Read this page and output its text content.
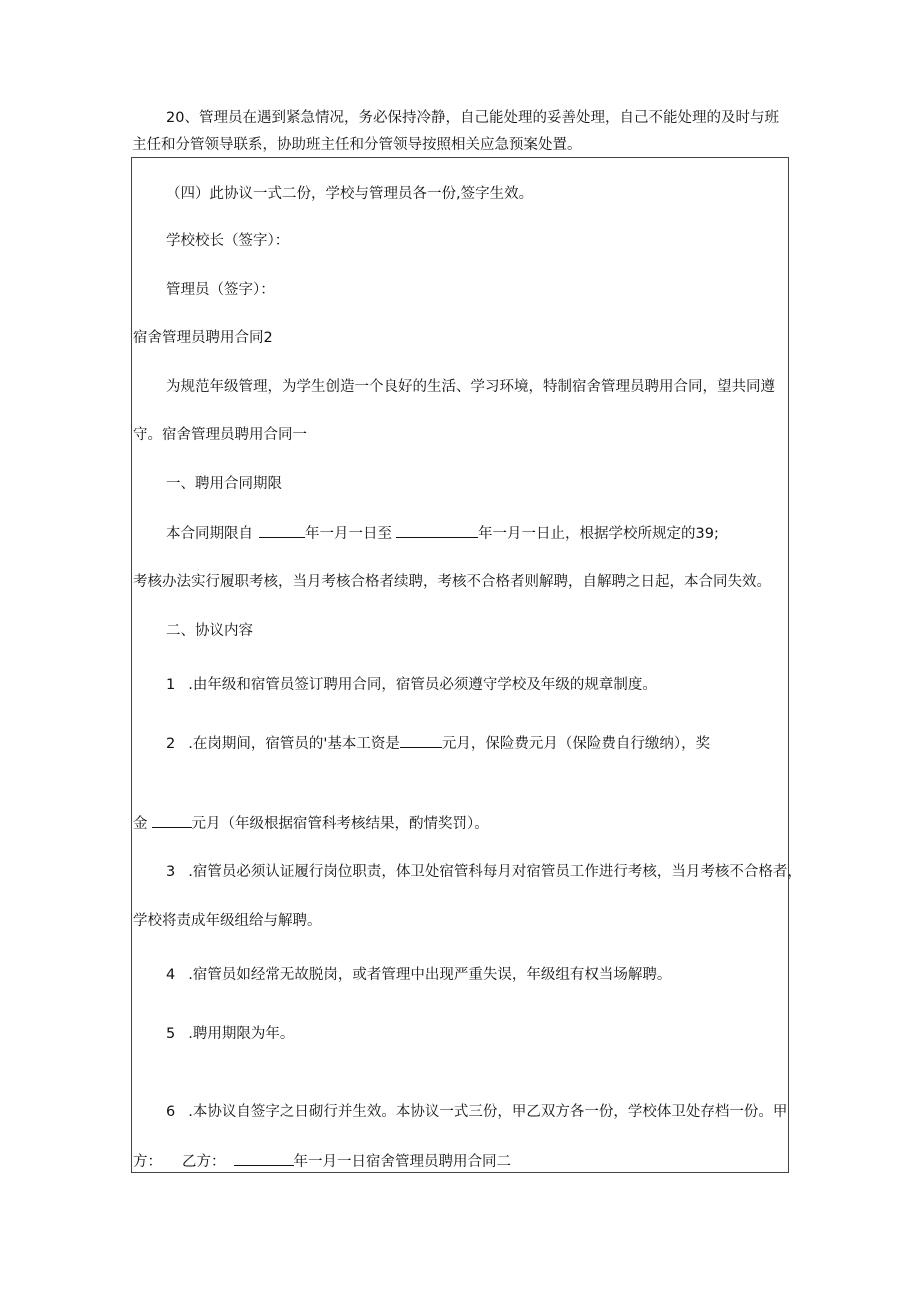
20、管理员在遇到紧急情况，务必保持冷静，自己能处理的妥善处理，自己不能处理的及时与班
主任和分管领导联系，协助班主任和分管领导按照相关应急预案处置。
（四）此协议一式二份，学校与管理员各一份,签字生效。
学校校长（签字）：
管理员（签字）：
宿舍管理员聘用合同2
为规范年级管理，为学生创造一个良好的生活、学习环境，特制宿舍管理员聘用合同，望共同遵
守。宿舍管理员聘用合同一
一、聘用合同期限
本合同期限自	年一月一日至	年一月一日止，根据学校所规定的39;
考核办法实行履职考核，当月考核合格者续聘，考核不合格者则解聘，自解聘之日起，本合同失效。
二、协议内容
1 .由年级和宿管员签订聘用合同，宿管员必须遵守学校及年级的规章制度。
2 .在岗期间，宿管员的'基本工资是	元月，保险费元月（保险费自行缴纳），奖
金	元月（年级根据宿管科考核结果，酌情奖罚）。
3 .宿管员必须认证履行岗位职责，体卫处宿管科每月对宿管员工作进行考核，当月考核不合格者，
学校将责成年级组给与解聘。
4 .宿管员如经常无故脱岗，或者管理中出现严重失误，年级组有权当场解聘。
5 .聘用期限为年。
6 .本协议自签字之日砌行并生效。本协议一式三份，甲乙双方各一份，学校体卫处存档一份。甲
方： 乙方：	年一月一日宿舍管理员聘用合同二
